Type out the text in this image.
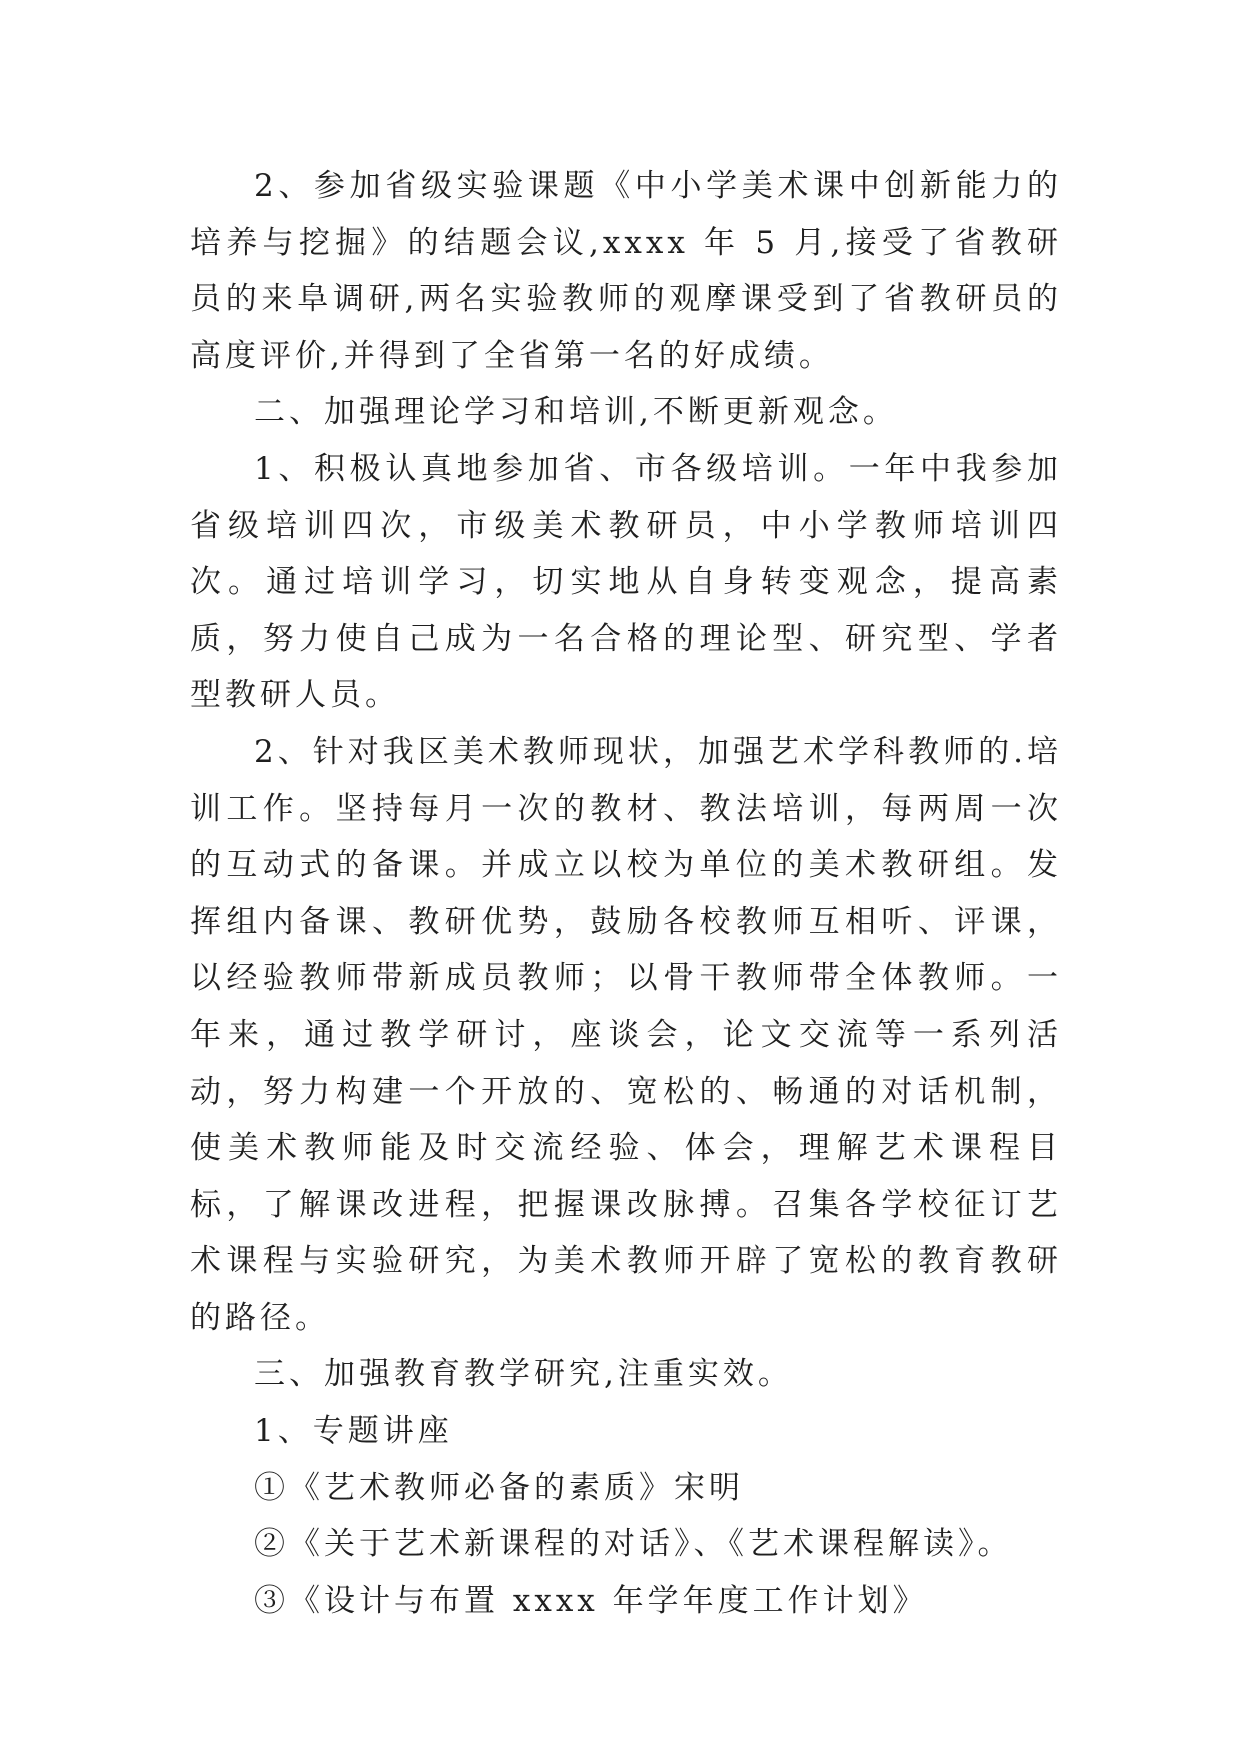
2、参加省级实验课题《中小学美术课中创新能力的培养与挖掘》的结题会议,xxxx 年 5 月,接受了省教研员的来阜调研,两名实验教师的观摩课受到了省教研员的高度评价,并得到了全省第一名的好成绩。

二、加强理论学习和培训,不断更新观念。

1、积极认真地参加省、市各级培训。一年中我参加省级培训四次，市级美术教研员，中小学教师培训四次。通过培训学习，切实地从自身转变观念，提高素质，努力使自己成为一名合格的理论型、研究型、学者型教研人员。

2、针对我区美术教师现状，加强艺术学科教师的.培训工作。坚持每月一次的教材、教法培训，每两周一次的互动式的备课。并成立以校为单位的美术教研组。发挥组内备课、教研优势，鼓励各校教师互相听、评课，以经验教师带新成员教师；以骨干教师带全体教师。一年来，通过教学研讨，座谈会，论文交流等一系列活动，努力构建一个开放的、宽松的、畅通的对话机制，使美术教师能及时交流经验、体会，理解艺术课程目标，了解课改进程，把握课改脉搏。召集各学校征订艺术课程与实验研究，为美术教师开辟了宽松的教育教研的路径。

三、加强教育教学研究,注重实效。

1、专题讲座

①《艺术教师必备的素质》宋明

②《关于艺术新课程的对话》、《艺术课程解读》。

③《设计与布置 xxxx 年学年度工作计划》
